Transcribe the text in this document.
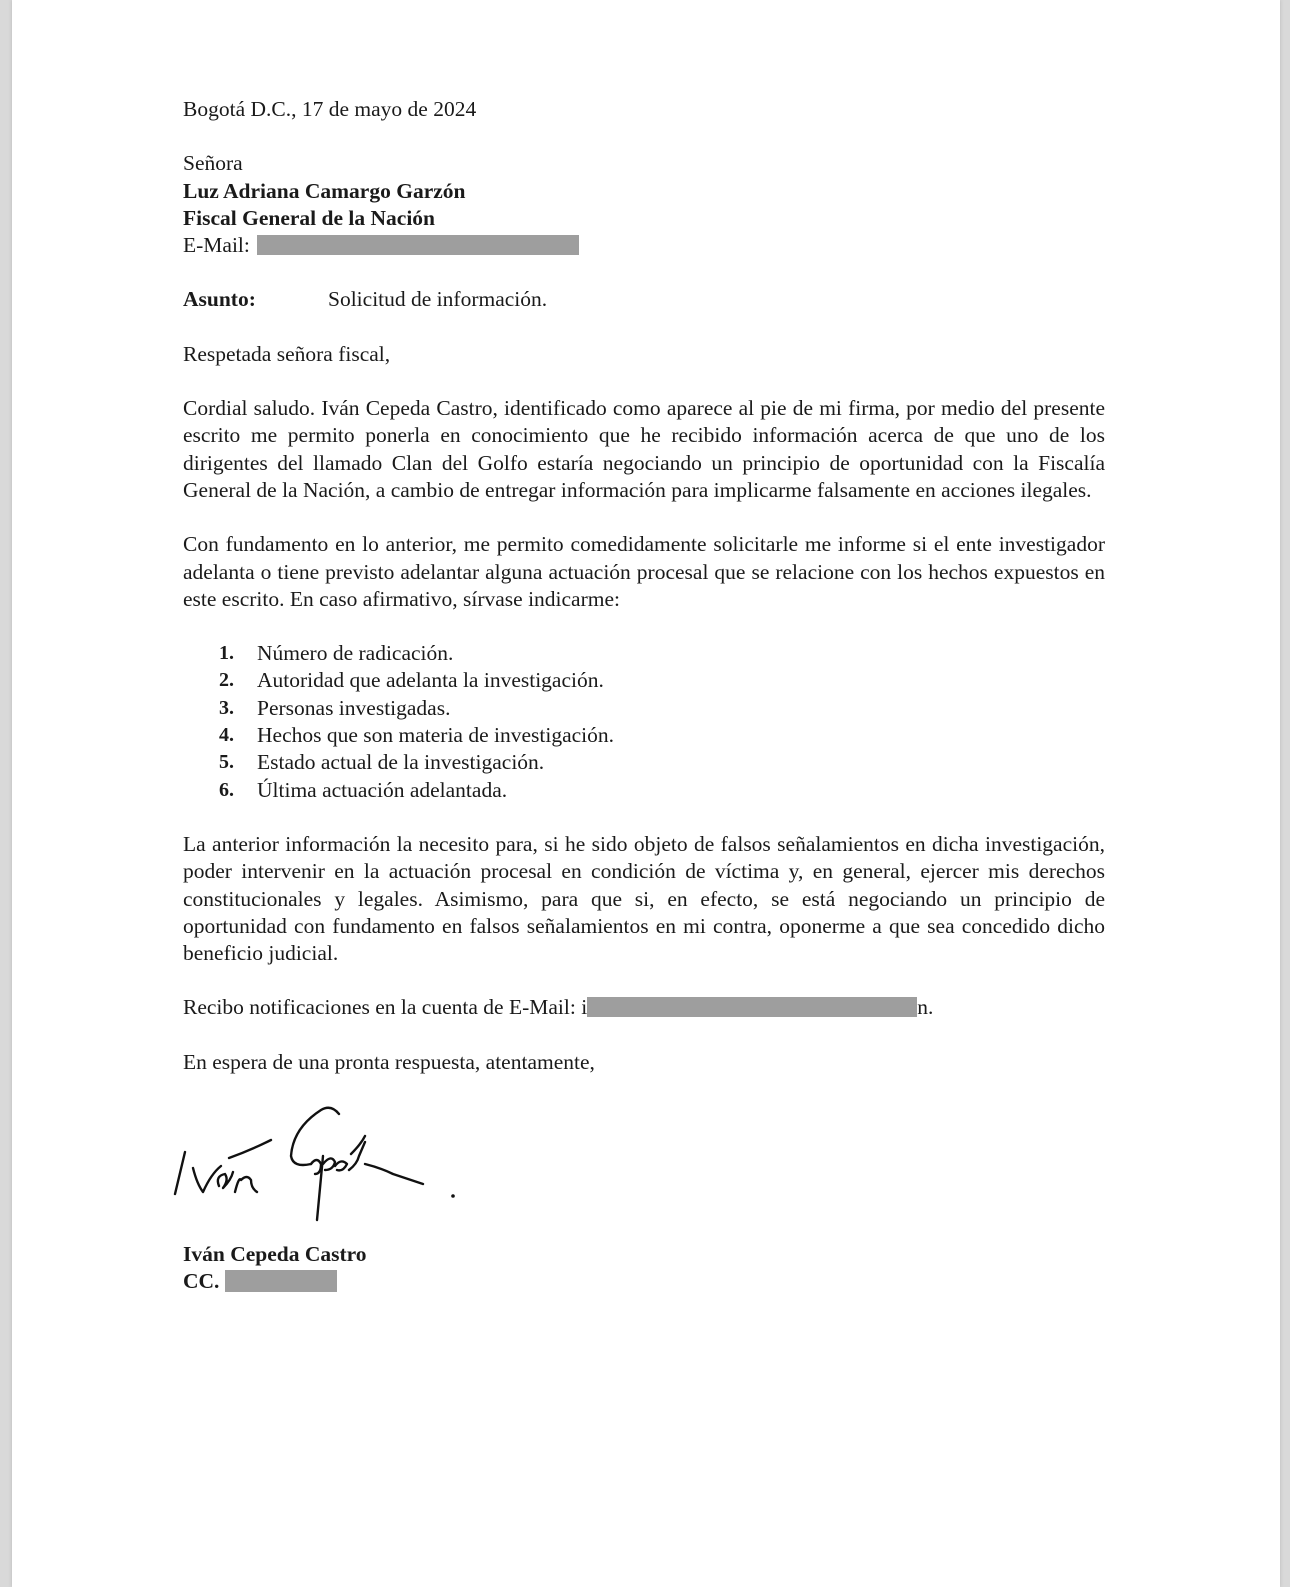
Bogotá D.C., 17 de mayo de 2024
Señora
Luz Adriana Camargo Garzón
Fiscal General de la Nación
E-Mail:
Asunto:	Solicitud de información.
Respetada señora fiscal,
Cordial saludo. Iván Cepeda Castro, identificado como aparece al pie de mi firma, por medio del presente escrito me permito ponerla en conocimiento que he recibido información acerca de que uno de los dirigentes del llamado Clan del Golfo estaría negociando un principio de oportunidad con la Fiscalía General de la Nación, a cambio de entregar información para implicarme falsamente en acciones ilegales.
Con fundamento en lo anterior, me permito comedidamente solicitarle me informe si el ente investigador adelanta o tiene previsto adelantar alguna actuación procesal que se relacione con los hechos expuestos en este escrito. En caso afirmativo, sírvase indicarme:
1.	Número de radicación.
2.	Autoridad que adelanta la investigación.
3.	Personas investigadas.
4.	Hechos que son materia de investigación.
5.	Estado actual de la investigación.
6.	Última actuación adelantada.
La anterior información la necesito para, si he sido objeto de falsos señalamientos en dicha investigación, poder intervenir en la actuación procesal en condición de víctima y, en general, ejercer mis derechos constitucionales y legales. Asimismo, para que si, en efecto, se está negociando un principio de oportunidad con fundamento en falsos señalamientos en mi contra, oponerme a que sea concedido dicho beneficio judicial.
Recibo notificaciones en la cuenta de E-Mail: i	n.
En espera de una pronta respuesta, atentamente,
Iván Cepeda Castro
CC.
